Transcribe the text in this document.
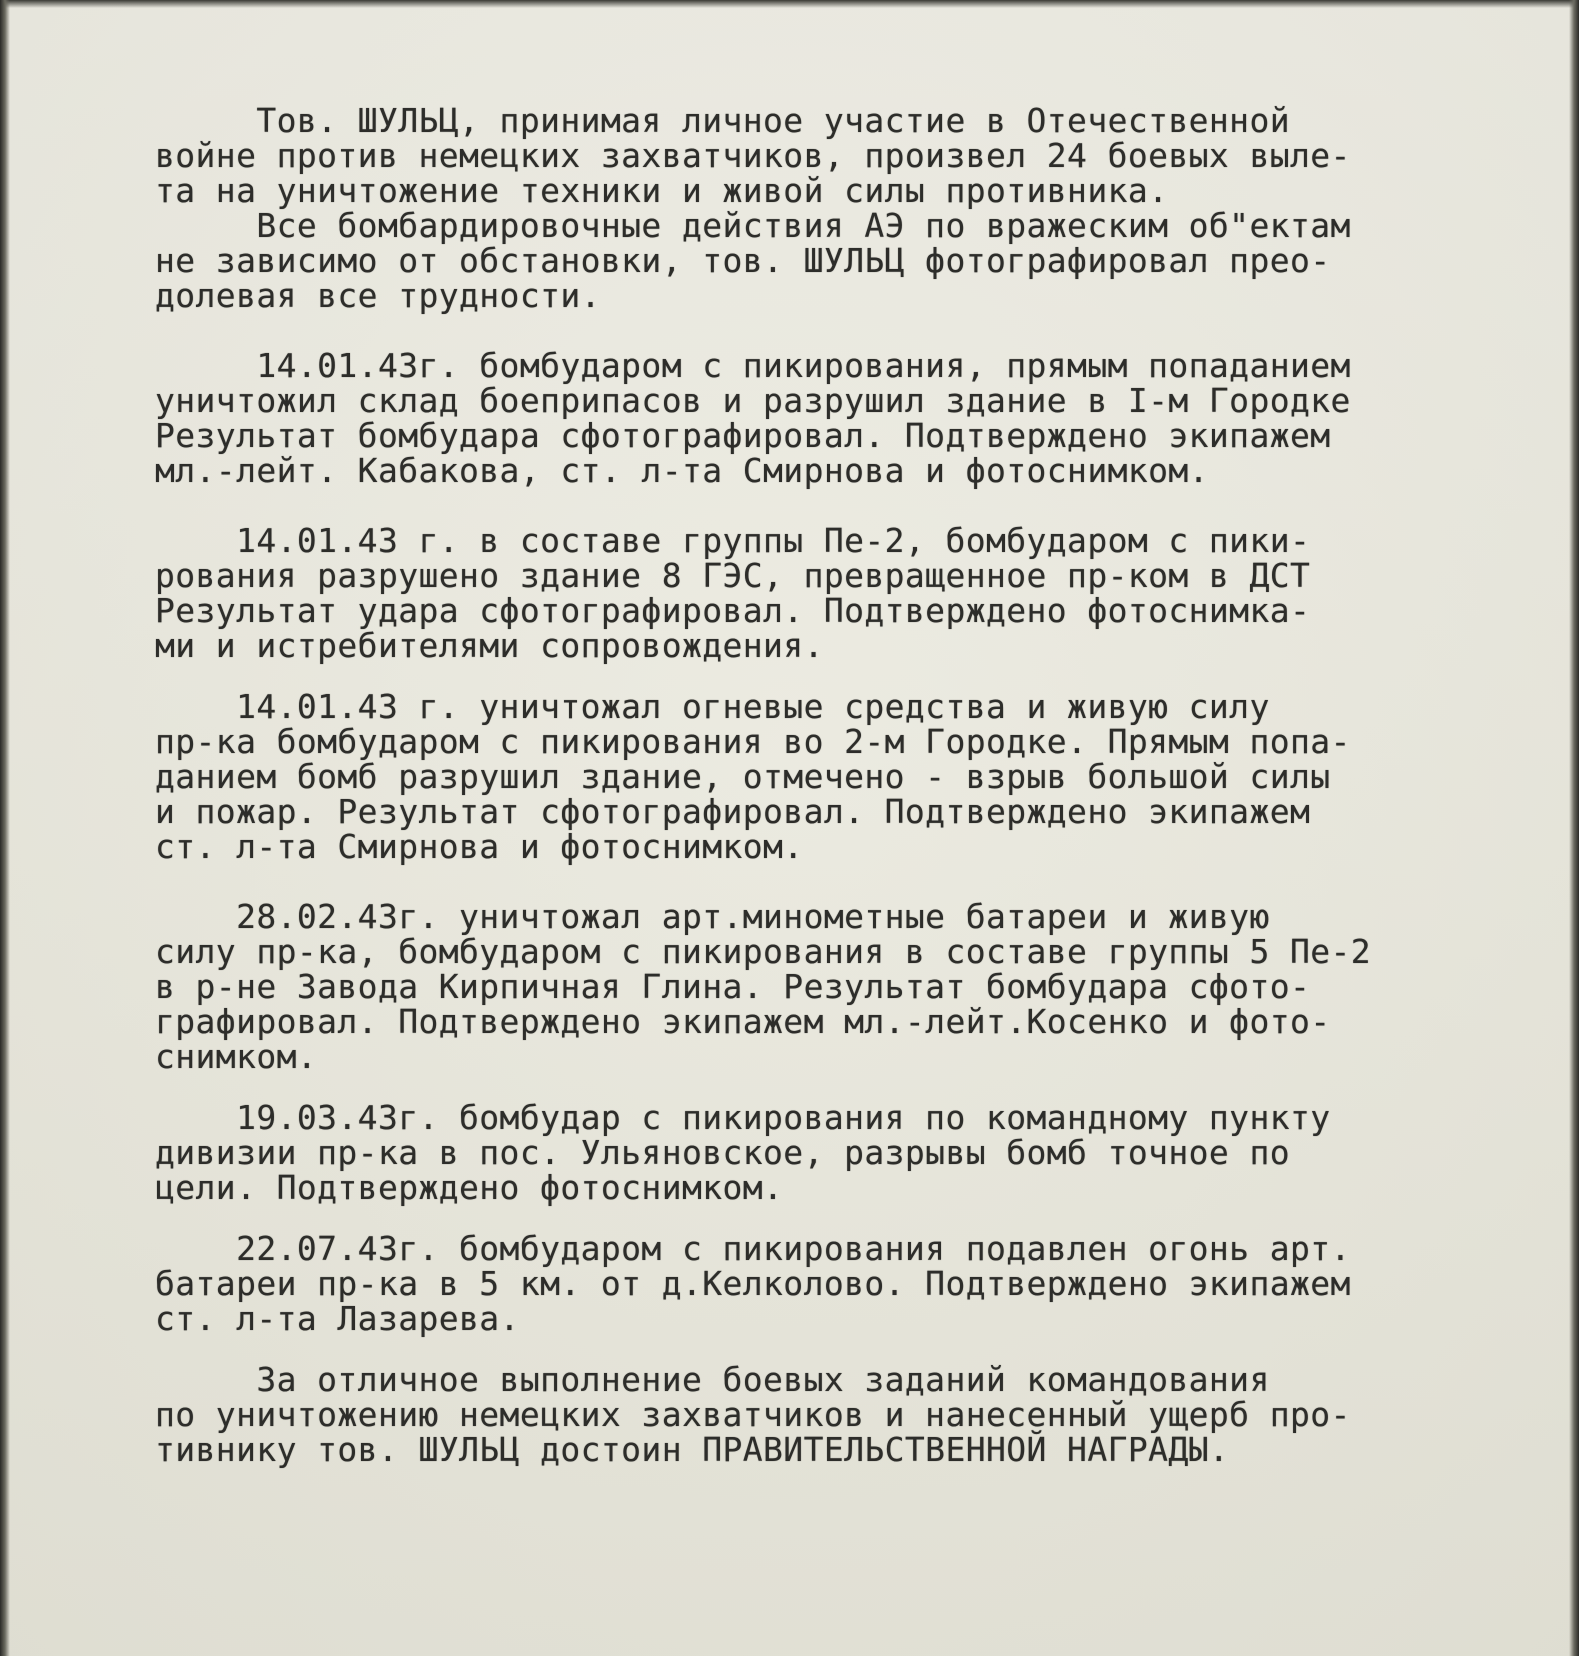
Тов. ШУЛЬЦ, принимая личное участие в Отечественной
войне против немецких захватчиков, произвел 24 боевых выле-
та на уничтожение техники и живой силы противника.
Все бомбардировочные действия АЭ по вражеским об"ектам
не зависимо от обстановки, тов. ШУЛЬЦ фотографировал прео-
долевая все трудности.
14.01.43г. бомбударом с пикирования, прямым попаданием
уничтожил склад боеприпасов и разрушил здание в I-м Городке
Результат бомбудара сфотографировал. Подтверждено экипажем
мл.-лейт. Кабакова, ст. л-та Смирнова и фотоснимком.
14.01.43 г. в составе группы Пе-2, бомбударом с пики-
рования разрушено здание 8 ГЭС, превращенное пр-ком в ДСТ
Результат удара сфотографировал. Подтверждено фотоснимка-
ми и истребителями сопровождения.
14.01.43 г. уничтожал огневые средства и живую силу
пр-ка бомбударом с пикирования во 2-м Городке. Прямым попа-
данием бомб разрушил здание, отмечено - взрыв большой силы
и пожар. Результат сфотографировал. Подтверждено экипажем
ст. л-та Смирнова и фотоснимком.
28.02.43г. уничтожал арт.минометные батареи и живую
силу пр-ка, бомбударом с пикирования в составе группы 5 Пе-2
в р-не Завода Кирпичная Глина. Результат бомбудара сфото-
графировал. Подтверждено экипажем мл.-лейт.Косенко и фото-
снимком.
19.03.43г. бомбудар с пикирования по командному пункту
дивизии пр-ка в пос. Ульяновское, разрывы бомб точное по
цели. Подтверждено фотоснимком.
22.07.43г. бомбударом с пикирования подавлен огонь арт.
батареи пр-ка в 5 км. от д.Келколово. Подтверждено экипажем
ст. л-та Лазарева.
За отличное выполнение боевых заданий командования
по уничтожению немецких захватчиков и нанесенный ущерб про-
тивнику тов. ШУЛЬЦ достоин ПРАВИТЕЛЬСТВЕННОЙ НАГРАДЫ.
